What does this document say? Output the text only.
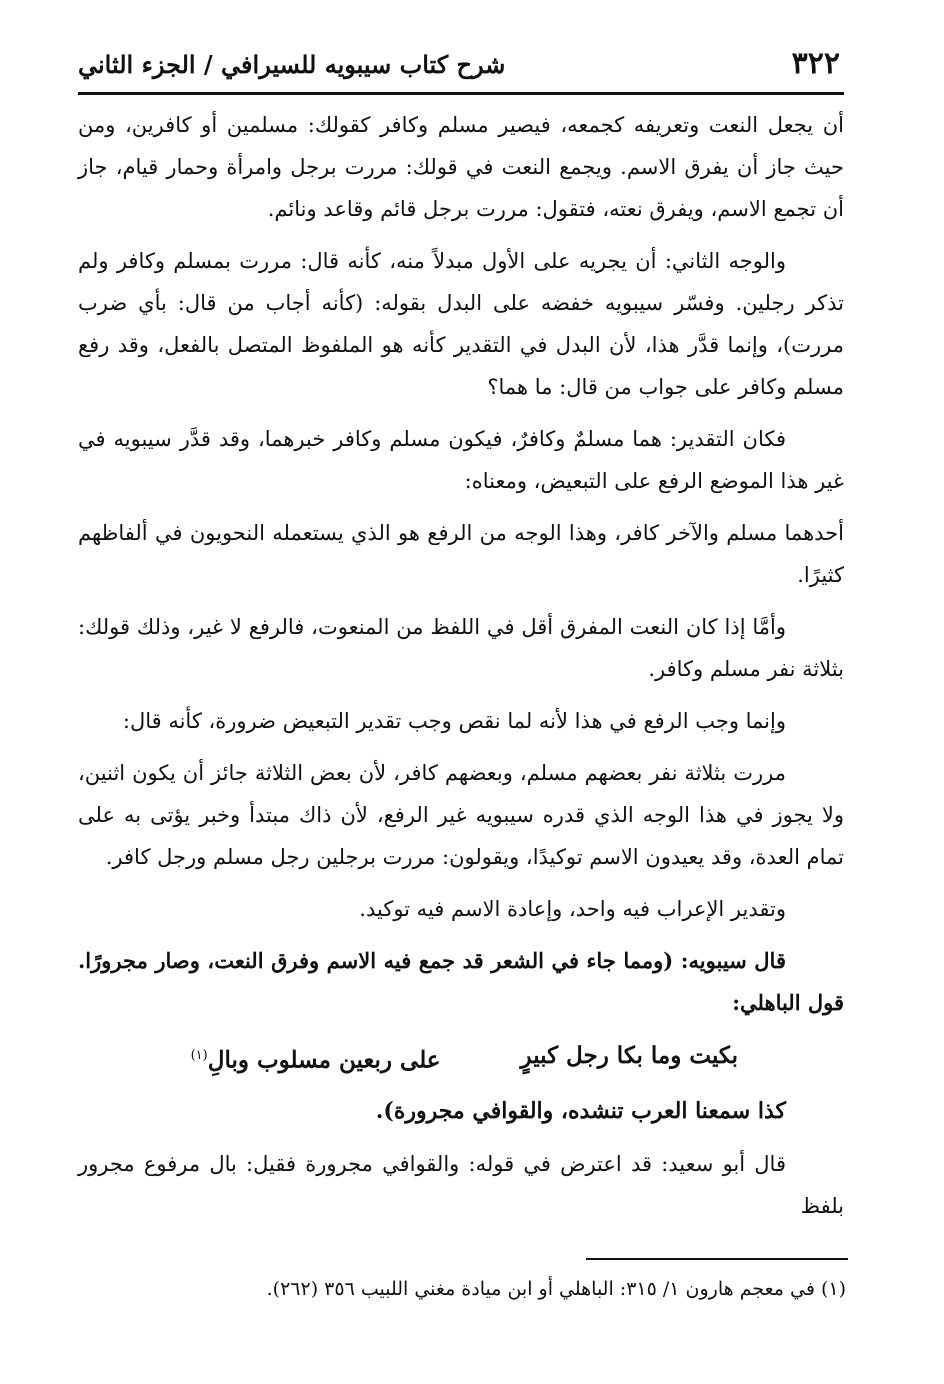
٣٢٢
شرح كتاب سيبويه للسيرافي / الجزء الثاني

أن يجعل النعت وتعريفه كجمعه، فيصير مسلم وكافر كقولك: مسلمين أو كافرين، ومن حيث جاز أن يفرق الاسم. ويجمع النعت في قولك: مررت برجل وامرأة وحمار قيام، جاز أن تجمع الاسم، ويفرق نعته، فتقول: مررت برجل قائم وقاعد ونائم.

والوجه الثاني: أن يجريه على الأول مبدلاً منه، كأنه قال: مررت بمسلم وكافر ولم تذكر رجلين. وفسّر سيبويه خفضه على البدل بقوله: (كأنه أجاب من قال: بأي ضرب مررت)، وإنما قدَّر هذا، لأن البدل في التقدير كأنه هو الملفوظ المتصل بالفعل، وقد رفع مسلم وكافر على جواب من قال: ما هما؟

فكان التقدير: هما مسلمٌ وكافرٌ، فيكون مسلم وكافر خبرهما، وقد قدَّر سيبويه في غير هذا الموضع الرفع على التبعيض، ومعناه:

أحدهما مسلم والآخر كافر، وهذا الوجه من الرفع هو الذي يستعمله النحويون في ألفاظهم كثيرًا.

وأمَّا إذا كان النعت المفرق أقل في اللفظ من المنعوت، فالرفع لا غير، وذلك قولك: بثلاثة نفر مسلم وكافر.

وإنما وجب الرفع في هذا لأنه لما نقص وجب تقدير التبعيض ضرورة، كأنه قال:

مررت بثلاثة نفر بعضهم مسلم، وبعضهم كافر، لأن بعض الثلاثة جائز أن يكون اثنين، ولا يجوز في هذا الوجه الذي قدره سيبويه غير الرفع، لأن ذاك مبتدأ وخبر يؤتى به على تمام العدة، وقد يعيدون الاسم توكيدًا، ويقولون: مررت برجلين رجل مسلم ورجل كافر.

وتقدير الإعراب فيه واحد، وإعادة الاسم فيه توكيد.

قال سيبويه: (ومما جاء في الشعر قد جمع فيه الاسم وفرق النعت، وصار مجرورًا. قول الباهلي:

بكيت وما بكا رجل كبيرٍ
على ربعين مسلوب وبالِ$^{(١)}$

كذا سمعنا العرب تنشده، والقوافي مجرورة).

قال أبو سعيد: قد اعترض في قوله: والقوافي مجرورة فقيل: بال مرفوع مجرور بلفظ

(١) في معجم هارون ١/ ٣١٥: الباهلي أو ابن ميادة مغني اللبيب ٣٥٦ (٢٦٢).
